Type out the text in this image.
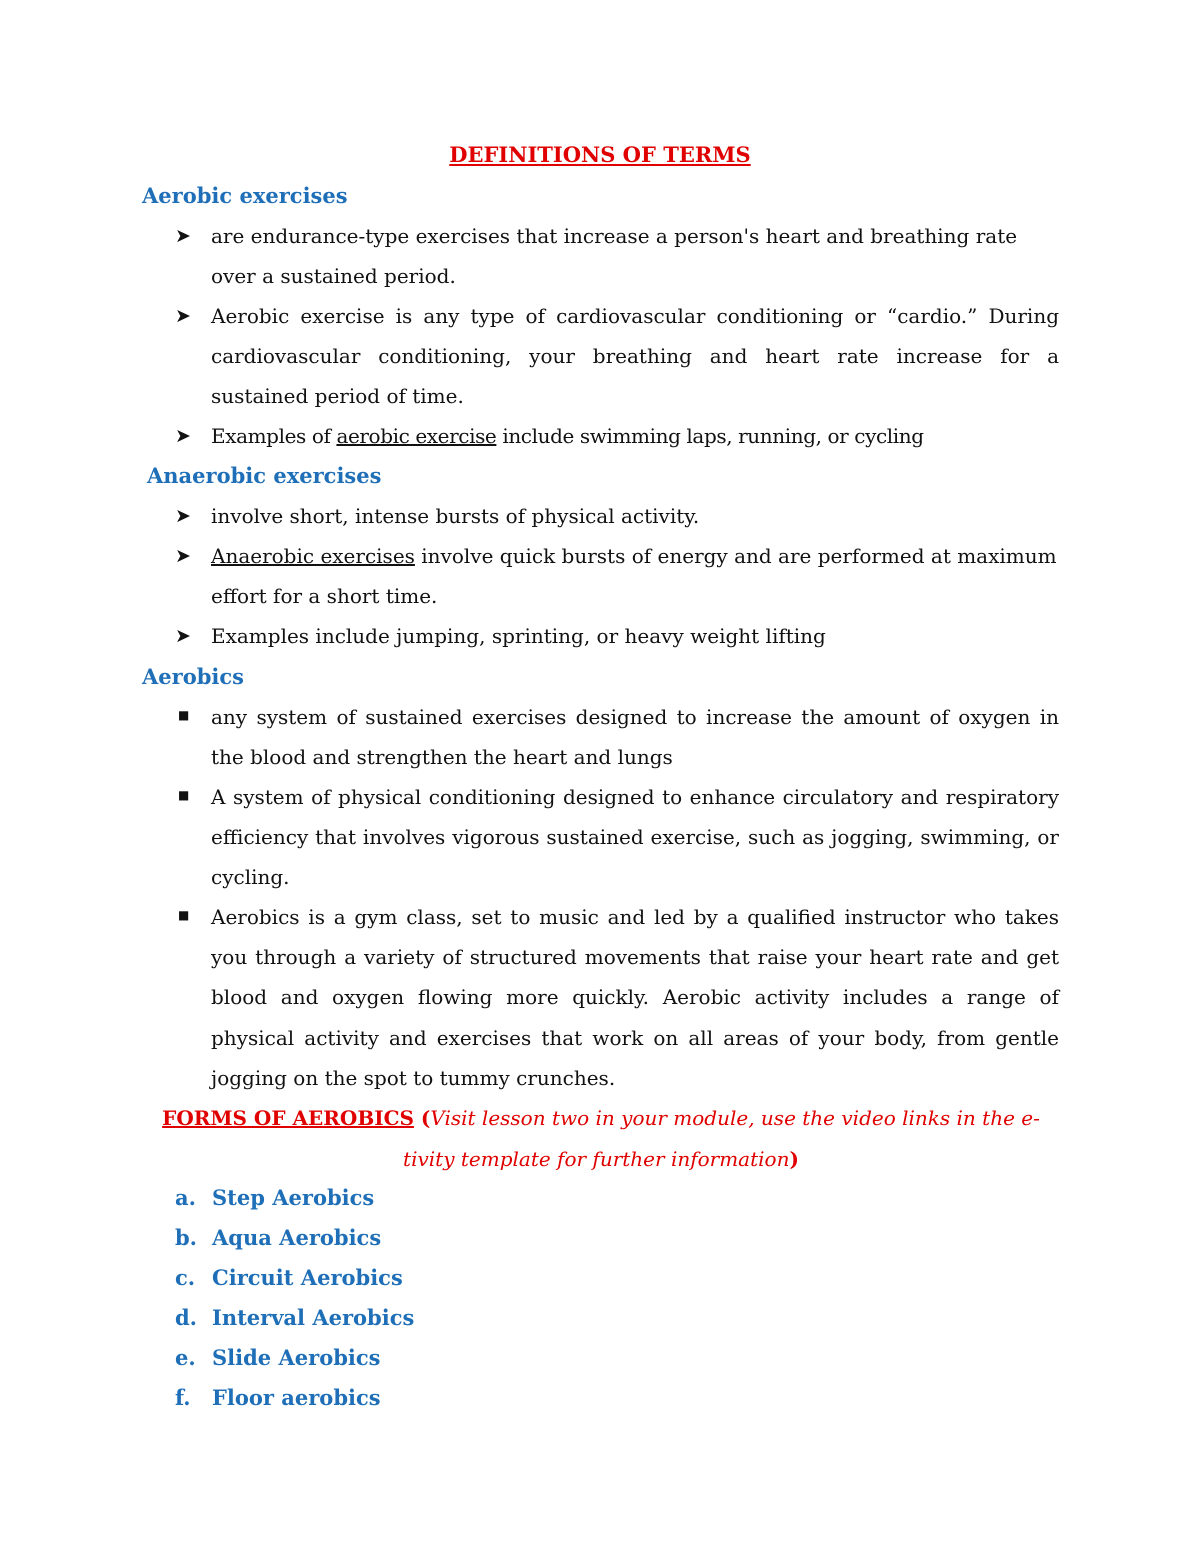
DEFINITIONS OF TERMS
Aerobic exercises
➤	are endurance-type exercises that increase a person's heart and breathing rate over a sustained period.
➤	Aerobic exercise is any type of cardiovascular conditioning or “cardio.” During cardiovascular conditioning, your breathing and heart rate increase for a sustained period of time.
➤	Examples of aerobic exercise include swimming laps, running, or cycling
Anaerobic exercises
➤	involve short, intense bursts of physical activity.
➤	Anaerobic exercises involve quick bursts of energy and are performed at maximum effort for a short time.
➤	Examples include jumping, sprinting, or heavy weight lifting
Aerobics
■	any system of sustained exercises designed to increase the amount of oxygen in the blood and strengthen the heart and lungs
■	A system of physical conditioning designed to enhance circulatory and respiratory efficiency that involves vigorous sustained exercise, such as jogging, swimming, or cycling.
■	Aerobics is a gym class, set to music and led by a qualified instructor who takes you through a variety of structured movements that raise your heart rate and get blood and oxygen flowing more quickly. Aerobic activity includes a range of physical activity and exercises that work on all areas of your body, from gentle jogging on the spot to tummy crunches.
FORMS OF AEROBICS (Visit lesson two in your module, use the video links in the e-tivity template for further information)
a. Step Aerobics
b. Aqua Aerobics
c. Circuit Aerobics
d. Interval Aerobics
e. Slide Aerobics
f. Floor aerobics
